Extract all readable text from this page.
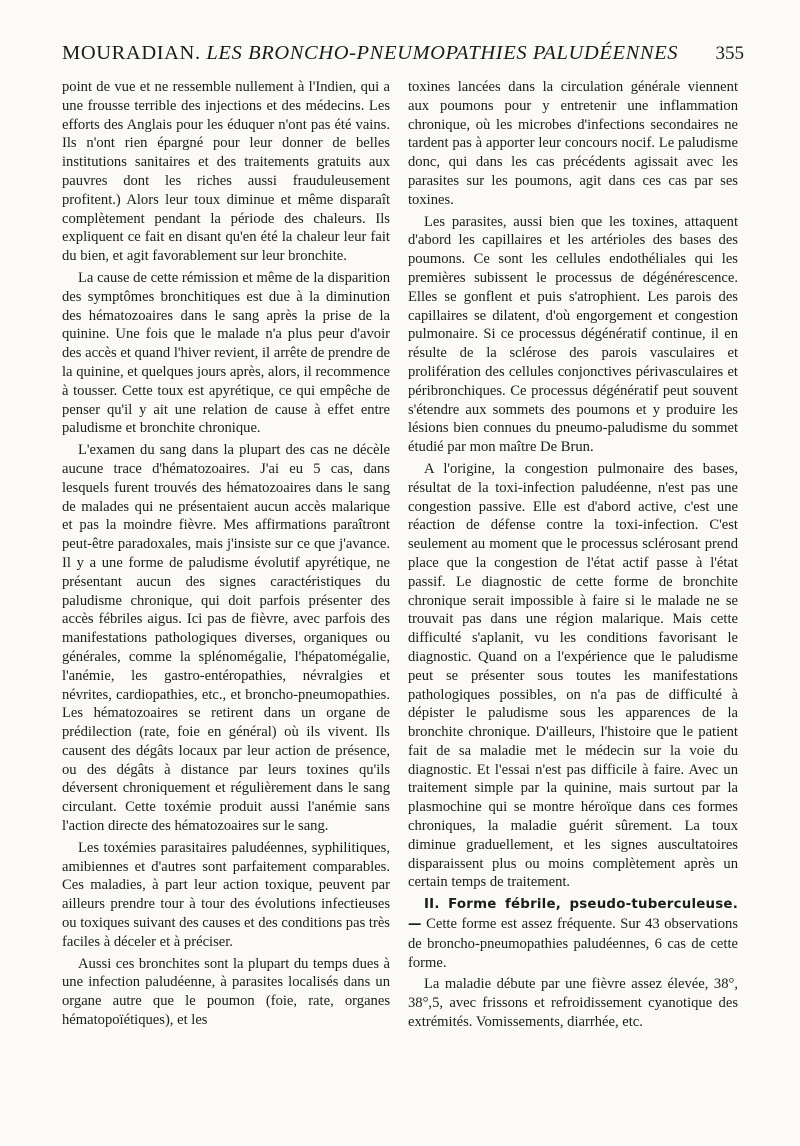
MOURADIAN. LES BRONCHO-PNEUMOPATHIES PALUDÉENNES 355

point de vue et ne ressemble nullement à l'Indien, qui a une frousse terrible des injections et des médecins. Les efforts des Anglais pour les éduquer n'ont pas été vains. Ils n'ont rien épargné pour leur donner de belles institutions sanitaires et des traitements gratuits aux pauvres dont les riches aussi frauduleusement profitent.) Alors leur toux diminue et même disparaît complètement pendant la période des chaleurs. Ils expliquent ce fait en disant qu'en été la chaleur leur fait du bien, et agit favorablement sur leur bronchite.

La cause de cette rémission et même de la disparition des symptômes bronchitiques est due à la diminution des hématozoaires dans le sang après la prise de la quinine. Une fois que le malade n'a plus peur d'avoir des accès et quand l'hiver revient, il arrête de prendre de la quinine, et quelques jours après, alors, il recommence à tousser. Cette toux est apyrétique, ce qui empêche de penser qu'il y ait une relation de cause à effet entre paludisme et bronchite chronique.

L'examen du sang dans la plupart des cas ne décèle aucune trace d'hématozoaires. J'ai eu 5 cas, dans lesquels furent trouvés des hématozoaires dans le sang de malades qui ne présentaient aucun accès malarique et pas la moindre fièvre. Mes affirmations paraîtront peut-être paradoxales, mais j'insiste sur ce que j'avance. Il y a une forme de paludisme évolutif apyrétique, ne présentant aucun des signes caractéristiques du paludisme chronique, qui doit parfois présenter des accès fébriles aigus. Ici pas de fièvre, avec parfois des manifestations pathologiques diverses, organiques ou générales, comme la splénomégalie, l'hépatomégalie, l'anémie, les gastro-entéropathies, névralgies et névrites, cardiopathies, etc., et broncho-pneumopathies. Les hématozoaires se retirent dans un organe de prédilection (rate, foie en général) où ils vivent. Ils causent des dégâts locaux par leur action de présence, ou des dégâts à distance par leurs toxines qu'ils déversent chroniquement et régulièrement dans le sang circulant. Cette toxémie produit aussi l'anémie sans l'action directe des hématozoaires sur le sang.

Les toxémies parasitaires paludéennes, syphilitiques, amibiennes et d'autres sont parfaitement comparables. Ces maladies, à part leur action toxique, peuvent par ailleurs prendre tour à tour des évolutions infectieuses ou toxiques suivant des causes et des conditions pas très faciles à déceler et à préciser.

Aussi ces bronchites sont la plupart du temps dues à une infection paludéenne, à parasites localisés dans un organe autre que le poumon (foie, rate, organes hématopoïétiques), et les

toxines lancées dans la circulation générale viennent aux poumons pour y entretenir une inflammation chronique, où les microbes d'infections secondaires ne tardent pas à apporter leur concours nocif. Le paludisme donc, qui dans les cas précédents agissait avec les parasites sur les poumons, agit dans ces cas par ses toxines.

Les parasites, aussi bien que les toxines, attaquent d'abord les capillaires et les artérioles des bases des poumons. Ce sont les cellules endothéliales qui les premières subissent le processus de dégénérescence. Elles se gonflent et puis s'atrophient. Les parois des capillaires se dilatent, d'où engorgement et congestion pulmonaire. Si ce processus dégénératif continue, il en résulte de la sclérose des parois vasculaires et prolifération des cellules conjonctives périvasculaires et péribronchiques. Ce processus dégénératif peut souvent s'étendre aux sommets des poumons et y produire les lésions bien connues du pneumo-paludisme du sommet étudié par mon maître De Brun.

A l'origine, la congestion pulmonaire des bases, résultat de la toxi-infection paludéenne, n'est pas une congestion passive. Elle est d'abord active, c'est une réaction de défense contre la toxi-infection. C'est seulement au moment que le processus sclérosant prend place que la congestion de l'état actif passe à l'état passif. Le diagnostic de cette forme de bronchite chronique serait impossible à faire si le malade ne se trouvait pas dans une région malarique. Mais cette difficulté s'aplanit, vu les conditions favorisant le diagnostic. Quand on a l'expérience que le paludisme peut se présenter sous toutes les manifestations pathologiques possibles, on n'a pas de difficulté à dépister le paludisme sous les apparences de la bronchite chronique. D'ailleurs, l'histoire que le patient fait de sa maladie met le médecin sur la voie du diagnostic. Et l'essai n'est pas difficile à faire. Avec un traitement simple par la quinine, mais surtout par la plasmochine qui se montre héroïque dans ces formes chroniques, la maladie guérit sûrement. La toux diminue graduellement, et les signes auscultatoires disparaissent plus ou moins complètement après un certain temps de traitement.

II. Forme fébrile, pseudo-tuberculeuse. — Cette forme est assez fréquente. Sur 43 observations de broncho-pneumopathies paludéennes, 6 cas de cette forme.

La maladie débute par une fièvre assez élevée, 38°, 38°,5, avec frissons et refroidissement cyanotique des extrémités. Vomissements, diarrhée, etc.
